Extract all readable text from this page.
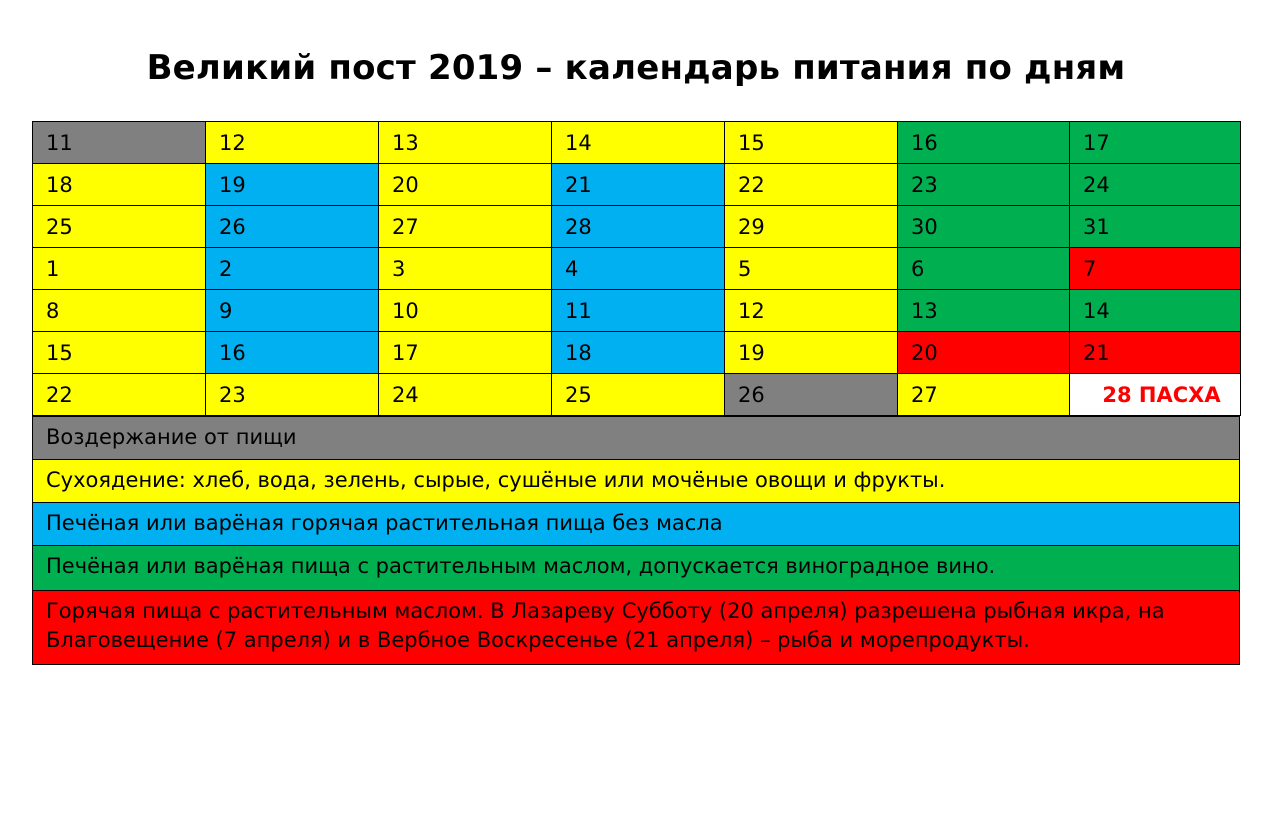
Великий пост 2019 – календарь питания по дням
11	12	13	14	15	16	17
18	19	20	21	22	23	24
25	26	27	28	29	30	31
1	2	3	4	5	6	7
8	9	10	11	12	13	14
15	16	17	18	19	20	21
22	23	24	25	26	27	28 ПАСХА
Воздержание от пищи
Сухоядение: хлеб, вода, зелень, сырые, сушёные или мочёные овощи и фрукты.
Печёная или варёная горячая растительная пища без масла
Печёная или варёная пища с растительным маслом, допускается виноградное вино.
Горячая пища с растительным маслом. В Лазареву Субботу (20 апреля) разрешена рыбная икра, на Благовещение (7 апреля) и в Вербное Воскресенье (21 апреля) – рыба и морепродукты.
